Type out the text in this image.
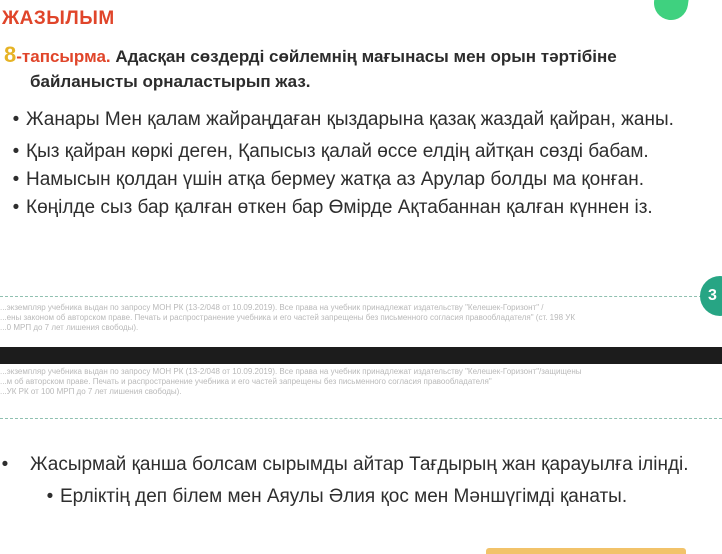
ЖАЗЫЛЫМ
8-тапсырма. Адасқан сөздерді сөйлемнің мағынасы мен орын тәртібіне
байланысты орналастырып жаз.
• Жанары Мен қалам жайраңдаған қыздарына қазақ жаздай қайран, жаны.
• Қыз қайран көркі деген, Қапысыз қалай өссе елдің айтқан сөзді бабам.
• Намысын қолдан үшін атқа бермеу жатқа аз Арулар болды ма қонған.
• Көңілде сыз бар қалған өткен бар Өмірде Ақтабаннан қалған күннен із.
3
...экземпляр учебника выдан по запросу МОН РК (13-2/048 от 10.09.2019). Все права на учебник принадлежат издательству "Келешек-Горизонт" /
...ены законом об авторском праве. Печать и распространение учебника и его частей запрещены без письменного согласия правообладателя" (ст. 198 УК
...0 МРП до 7 лет лишения свободы).
...экземпляр учебника выдан по запросу МОН РК (13-2/048 от 10.09.2019). Все права на учебник принадлежат издательству "Келешек-Горизонт"/защищены
...м об авторском праве. Печать и распространение учебника и его частей запрещены без письменного согласия правообладателя"
...УК РК от 100 МРП до 7 лет лишения свободы).
• Жасырмай қанша болсам сырымды айтар Тағдырың жан қарауылға ілінді.
• Ерліктің деп білем мен Аяулы Әлия қос мен Мәншүгімді қанаты.
